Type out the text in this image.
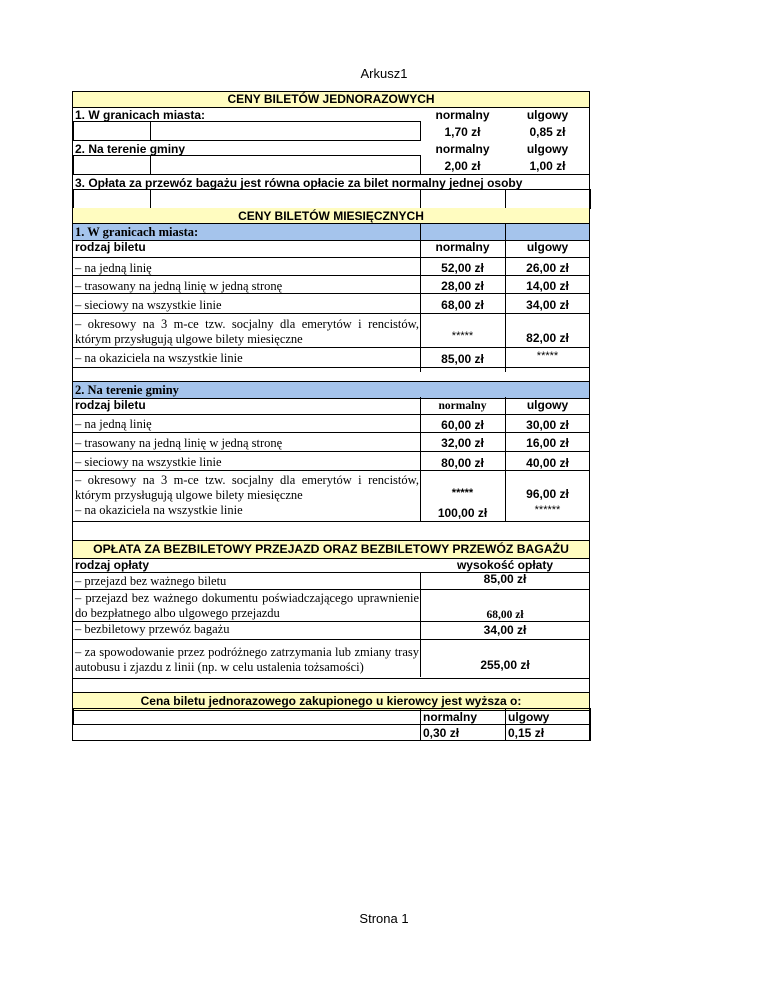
Arkusz1
CENY BILETÓW JEDNORAZOWYCH
1. W granicach miasta:	normalny	ulgowy
1,70 zł	0,85 zł
2. Na terenie gminy	normalny	ulgowy
2,00 zł	1,00 zł
3. Opłata za przewóz bagażu jest równa opłacie za bilet normalny jednej osoby
CENY BILETÓW MIESIĘCZNYCH
1. W granicach miasta:
rodzaj biletu	normalny	ulgowy
– na jedną linię	52,00 zł	26,00 zł
– trasowany na jedną linię w jedną stronę	28,00 zł	14,00 zł
– sieciowy na wszystkie linie	68,00 zł	34,00 zł
– okresowy na 3 m-ce tzw. socjalny dla emerytów i rencistów, którym przysługują ulgowe bilety miesięczne	*****	82,00 zł
– na okaziciela na wszystkie linie	85,00 zł	*****
2. Na terenie gminy
rodzaj biletu	normalny	ulgowy
– na jedną linię	60,00 zł	30,00 zł
– trasowany na jedną linię w jedną stronę	32,00 zł	16,00 zł
– sieciowy na wszystkie linie	80,00 zł	40,00 zł
– okresowy na 3 m-ce tzw. socjalny dla emerytów i rencistów, którym przysługują ulgowe bilety miesięczne	*****	96,00 zł
– na okaziciela na wszystkie linie	100,00 zł	******
OPŁATA ZA BEZBILETOWY PRZEJAZD ORAZ BEZBILETOWY PRZEWÓZ BAGAŻU
rodzaj opłaty	wysokość opłaty
– przejazd bez ważnego biletu	85,00 zł
– przejazd bez ważnego dokumentu poświadczającego uprawnienie do bezpłatnego albo ulgowego przejazdu	68,00 zł
– bezbiletowy przewóz bagażu	34,00 zł
– za spowodowanie przez podróżnego zatrzymania lub zmiany trasy autobusu i zjazdu z linii (np. w celu ustalenia tożsamości)	255,00 zł
Cena biletu jednorazowego zakupionego u kierowcy jest wyższa o:
normalny	ulgowy
0,30 zł	0,15 zł
Strona 1
